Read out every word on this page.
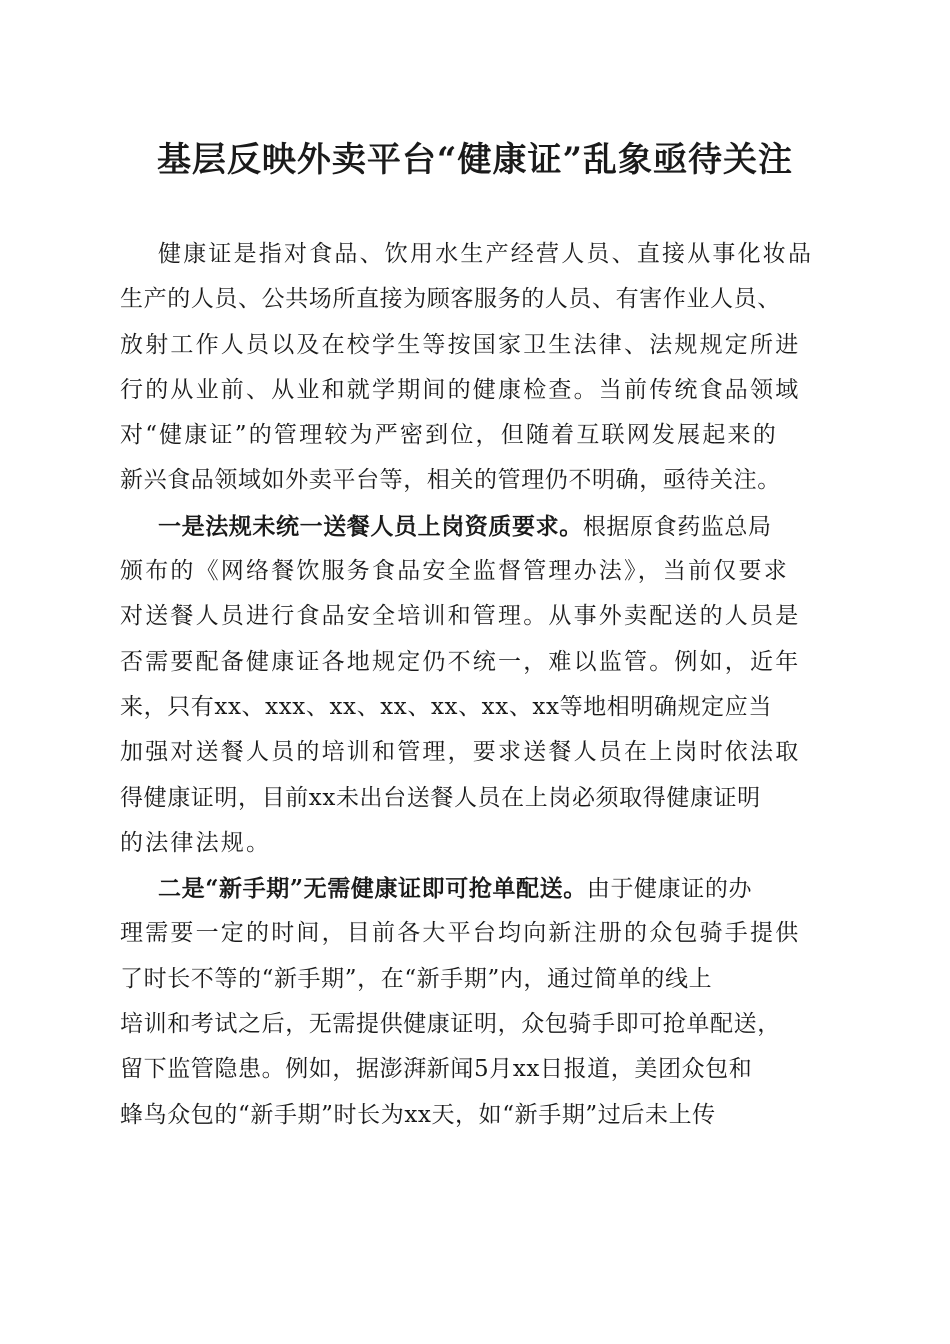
基层反映外卖平台“健康证”乱象亟待关注
健康证是指对食品、饮用水生产经营人员、直接从事化妆品
生产的人员、公共场所直接为顾客服务的人员、有害作业人员、
放射工作人员以及在校学生等按国家卫生法律、法规规定所进
行的从业前、从业和就学期间的健康检查。当前传统食品领域
对“健康证”的管理较为严密到位，但随着互联网发展起来的
新兴食品领域如外卖平台等，相关的管理仍不明确，亟待关注。
一是法规未统一送餐人员上岗资质要求。根据原食药监总局
颁布的《网络餐饮服务食品安全监督管理办法》，当前仅要求
对送餐人员进行食品安全培训和管理。从事外卖配送的人员是
否需要配备健康证各地规定仍不统一，难以监管。例如，近年
来，只有xx、xxx、xx、xx、xx、xx、xx等地相明确规定应当
加强对送餐人员的培训和管理，要求送餐人员在上岗时依法取
得健康证明，目前xx未出台送餐人员在上岗必须取得健康证明
的法律法规。
二是“新手期”无需健康证即可抢单配送。由于健康证的办
理需要一定的时间，目前各大平台均向新注册的众包骑手提供
了时长不等的“新手期”，在“新手期”内，通过简单的线上
培训和考试之后，无需提供健康证明，众包骑手即可抢单配送，
留下监管隐患。例如，据澎湃新闻5月xx日报道，美团众包和
蜂鸟众包的“新手期”时长为xx天，如“新手期”过后未上传
